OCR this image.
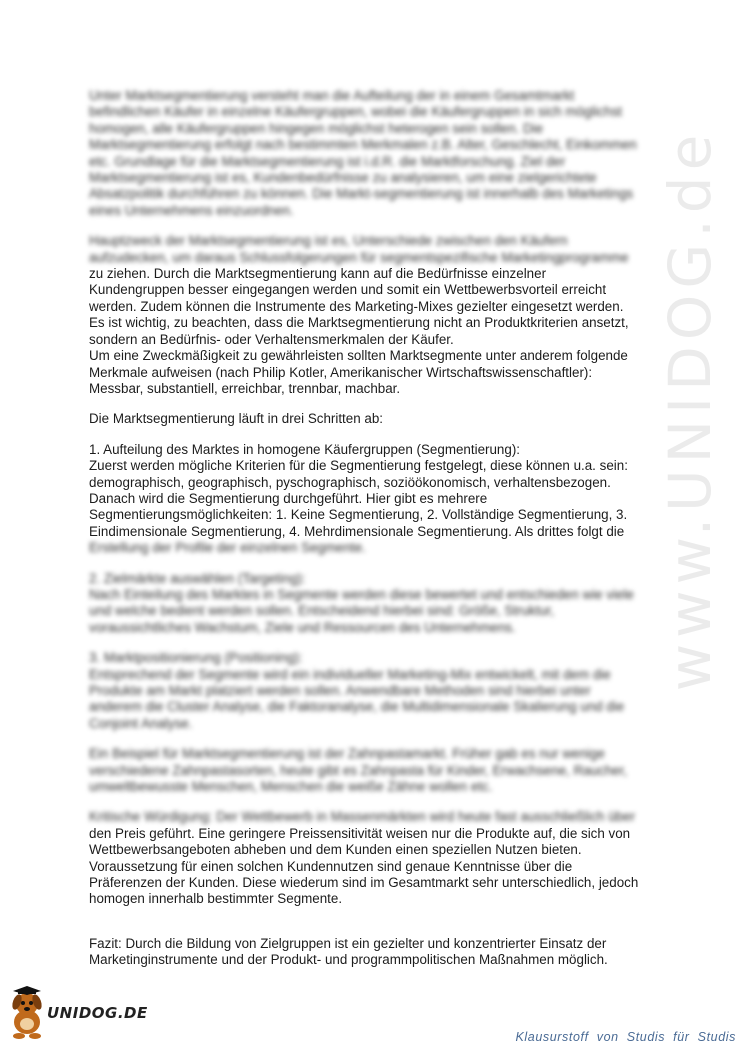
www.UNIDOG.de

Unter Marktsegmentierung versteht man die Aufteilung der in einem Gesamtmarkt
befindlichen Käufer in einzelne Käufergruppen, wobei die Käufergruppen in sich möglichst
homogen, alle Käufergruppen hingegen möglichst heterogen sein sollen. Die
Marktsegmentierung erfolgt nach bestimmten Merkmalen z.B. Alter, Geschlecht, Einkommen
etc. Grundlage für die Marktsegmentierung ist i.d.R. die Marktforschung. Ziel der
Marktsegmentierung ist es, Kundenbedürfnisse zu analysieren, um eine zielgerichtete
Absatzpolitik durchführen zu können. Die Markt-segmentierung ist innerhalb des Marketings
eines Unternehmens einzuordnen.

Hauptzweck der Marktsegmentierung ist es, Unterschiede zwischen den Käufern
aufzudecken, um daraus Schlussfolgerungen für segmentspezifische Marketingprogramme

zu ziehen. Durch die Marktsegmentierung kann auf die Bedürfnisse einzelner
Kundengruppen besser eingegangen werden und somit ein Wettbewerbsvorteil erreicht
werden. Zudem können die Instrumente des Marketing-Mixes gezielter eingesetzt werden.
Es ist wichtig, zu beachten, dass die Marktsegmentierung nicht an Produktkriterien ansetzt,
sondern an Bedürfnis- oder Verhaltensmerkmalen der Käufer.
Um eine Zweckmäßigkeit zu gewährleisten sollten Marktsegmente unter anderem folgende
Merkmale aufweisen (nach Philip Kotler, Amerikanischer Wirtschaftswissenschaftler):
Messbar, substantiell, erreichbar, trennbar, machbar.

Die Marktsegmentierung läuft in drei Schritten ab:

1. Aufteilung des Marktes in homogene Käufergruppen (Segmentierung):
Zuerst werden mögliche Kriterien für die Segmentierung festgelegt, diese können u.a. sein:
demographisch, geographisch, pyschographisch, soziöökonomisch, verhaltensbezogen.
Danach wird die Segmentierung durchgeführt. Hier gibt es mehrere
Segmentierungsmöglichkeiten: 1. Keine Segmentierung, 2. Vollständige Segmentierung, 3.
Eindimensionale Segmentierung, 4. Mehrdimensionale Segmentierung. Als drittes folgt die

Erstellung der Profile der einzelnen Segmente.

2. Zielmärkte auswählen (Targeting):
Nach Einteilung des Marktes in Segmente werden diese bewertet und entschieden wie viele
und welche bedient werden sollen. Entscheidend hierbei sind: Größe, Struktur,
voraussichtliches Wachstum, Ziele und Ressourcen des Unternehmens.

3. Marktpositionierung (Positioning):
Entsprechend der Segmente wird ein individueller Marketing-Mix entwickelt, mit dem die
Produkte am Markt platziert werden sollen. Anwendbare Methoden sind hierbei unter
anderem die Cluster Analyse, die Faktoranalyse, die Multidimensionale Skalierung und die
Conjoint Analyse.

Ein Beispiel für Marktsegmentierung ist der Zahnpastamarkt. Früher gab es nur wenige
verschiedene Zahnpastasorten, heute gibt es Zahnpasta für Kinder, Erwachsene, Raucher,
umweltbewusste Menschen, Menschen die weiße Zähne wollen etc.

Kritische Würdigung: Der Wettbewerb in Massenmärkten wird heute fast ausschließlich über

den Preis geführt. Eine geringere Preissensitivität weisen nur die Produkte auf, die sich von
Wettbewerbsangeboten abheben und dem Kunden einen speziellen Nutzen bieten.
Voraussetzung für einen solchen Kundennutzen sind genaue Kenntnisse über die
Präferenzen der Kunden. Diese wiederum sind im Gesamtmarkt sehr unterschiedlich, jedoch
homogen innerhalb bestimmter Segmente.

Fazit: Durch die Bildung von Zielgruppen ist ein gezielter und konzentrierter Einsatz der
Marketinginstrumente und der Produkt- und programmpolitischen Maßnahmen möglich.

UNIDOG.DE
Klausurstoff von Studis für Studis
